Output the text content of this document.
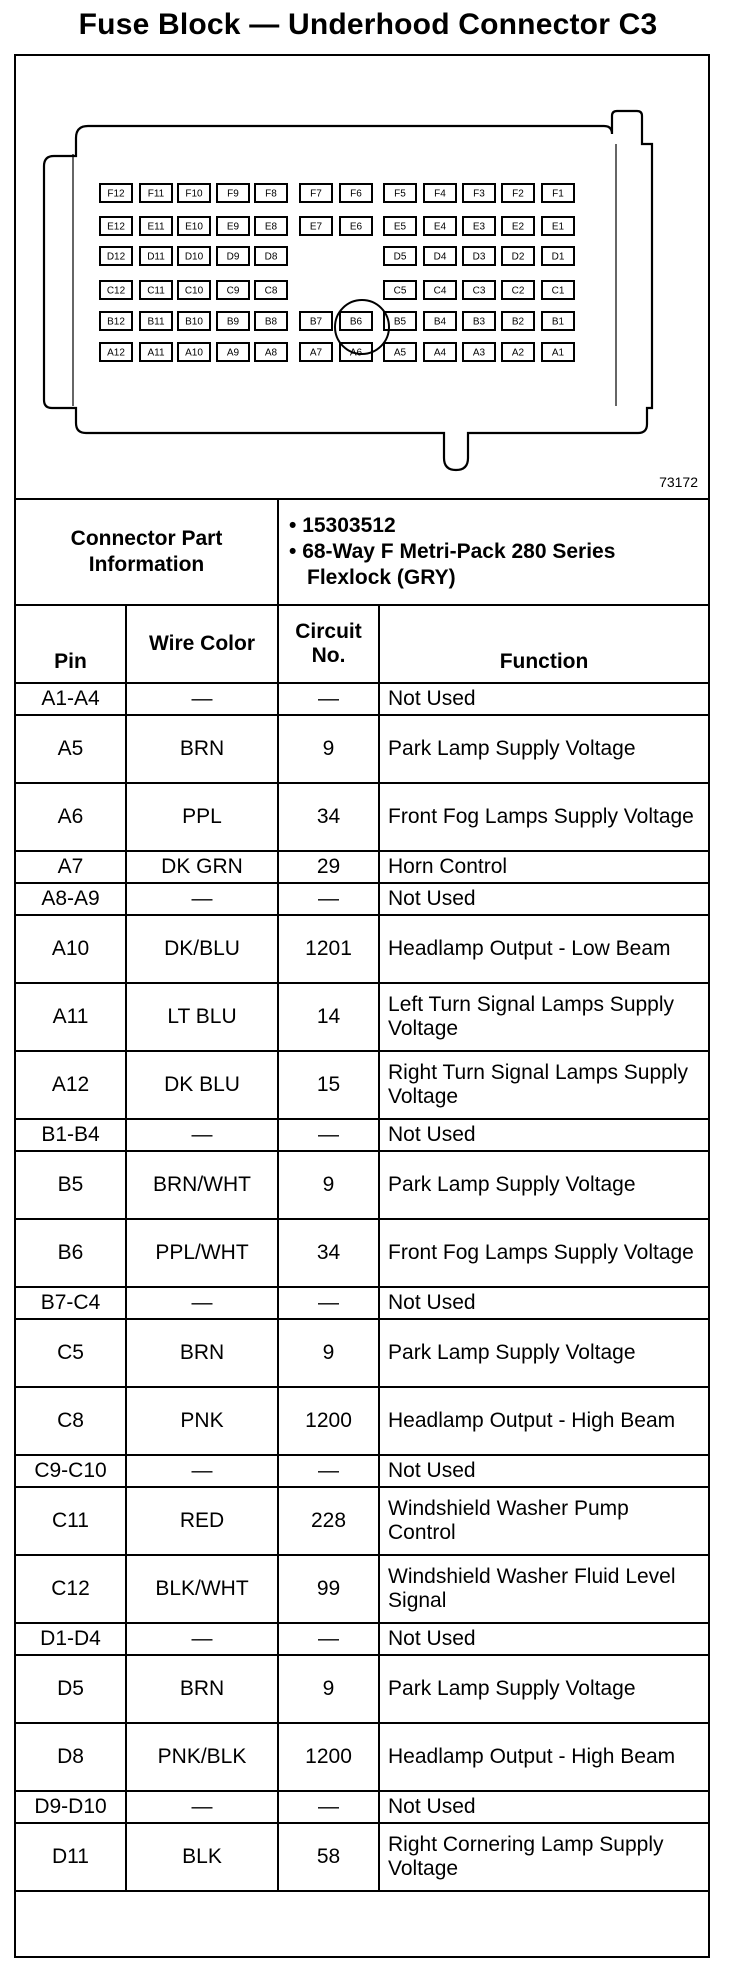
Fuse Block — Underhood Connector C3
F12 F11 F10 F9	F8	F7	F6	F5	F4	F3	F2	F1
E12 E11 E10 E9	E8	E7	E6	E5	E4	E3	E2	E1
D12 D11 D10 D9	D8	D5	D4	D3	D2	D1
C12 C11 C10 C9	C8	C5	C4	C3	C2	C1
B12 B11 B10 B9	B8	B7	B6	B5	B4	B3	B2	B1
A12 A11 A10 A9	A8	A7	A6	A5	A4	A3	A2	A1
73172
Connector Part Information		• 15303512
• 68-Way F Metri-Pack 280 Series Flexlock (GRY)	

Pin	Wire Color	Circuit No.	Function
A1-A4	—	—	Not Used
A5	BRN	9	Park Lamp Supply Voltage
A6	PPL	34	Front Fog Lamps Supply Voltage
A7	DK GRN	29	Horn Control
A8-A9	—	—	Not Used
A10	DK/BLU	1201	Headlamp Output - Low Beam
A11	LT BLU	14	Left Turn Signal Lamps Supply Voltage
A12	DK BLU	15	Right Turn Signal Lamps Supply Voltage
B1-B4	—	—	Not Used
B5	BRN/WHT	9	Park Lamp Supply Voltage
B6	PPL/WHT	34	Front Fog Lamps Supply Voltage
B7-C4	—	—	Not Used
C5	BRN	9	Park Lamp Supply Voltage
C8	PNK	1200	Headlamp Output - High Beam
C9-C10	—	—	Not Used
C11	RED	228	Windshield Washer Pump Control
C12	BLK/WHT	99	Windshield Washer Fluid Level Signal
D1-D4	—	—	Not Used
D5	BRN	9	Park Lamp Supply Voltage
D8	PNK/BLK	1200	Headlamp Output - High Beam
D9-D10	—	—	Not Used
D11	BLK	58	Right Cornering Lamp Supply Voltage
